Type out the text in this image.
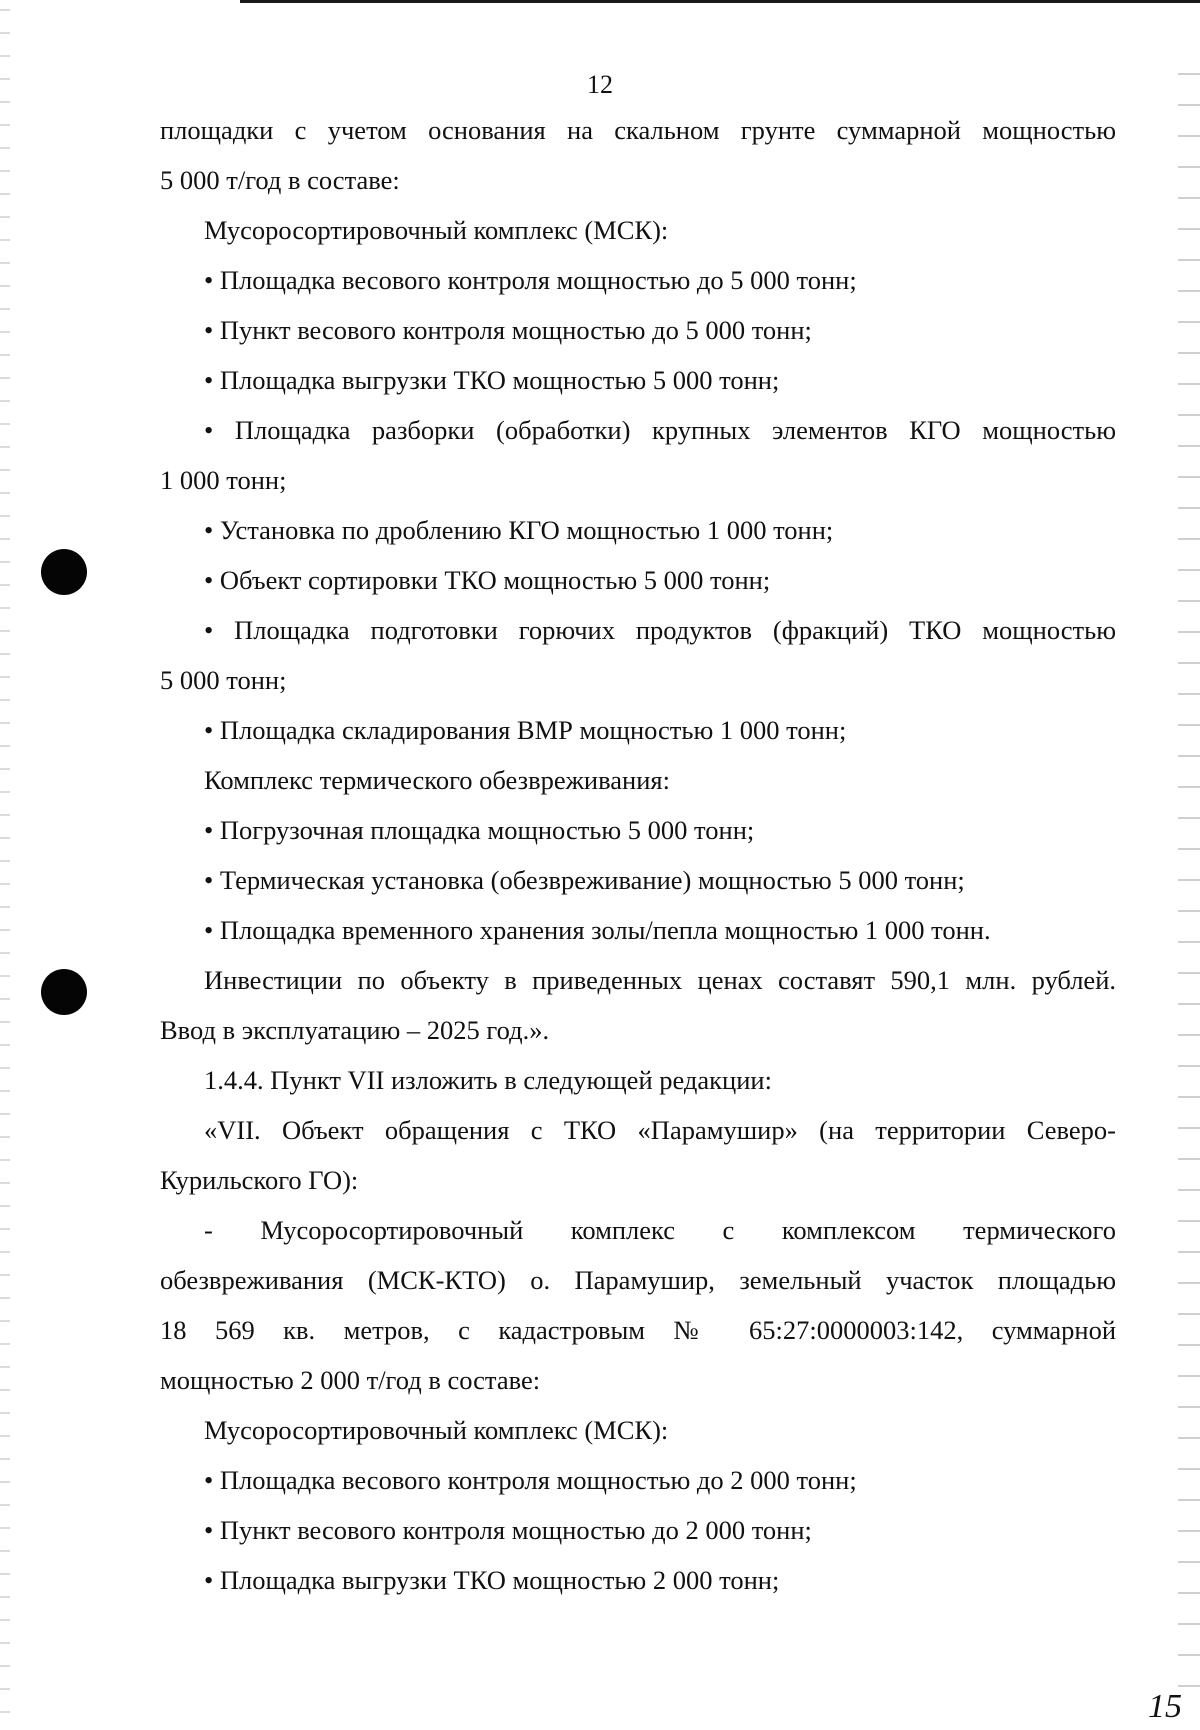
12

площадки с учетом основания на скальном грунте суммарной мощностью

5 000 т/год в составе:

Мусоросортировочный комплекс (МСК):

• Площадка весового контроля мощностью до 5 000 тонн;

• Пункт весового контроля мощностью до 5 000 тонн;

• Площадка выгрузки ТКО мощностью 5 000 тонн;

• Площадка разборки (обработки) крупных элементов КГО мощностью

1 000 тонн;

• Установка по дроблению КГО мощностью 1 000 тонн;

• Объект сортировки ТКО мощностью 5 000 тонн;

• Площадка подготовки горючих продуктов (фракций) ТКО мощностью

5 000 тонн;

• Площадка складирования ВМР мощностью 1 000 тонн;

Комплекс термического обезвреживания:

• Погрузочная площадка мощностью 5 000 тонн;

• Термическая установка (обезвреживание) мощностью 5 000 тонн;

• Площадка временного хранения золы/пепла мощностью 1 000 тонн.

Инвестиции по объекту в приведенных ценах составят 590,1 млн. рублей.

Ввод в эксплуатацию – 2025 год.».

1.4.4. Пункт VII изложить в следующей редакции:

«VII. Объект обращения с ТКО «Парамушир» (на территории Северо-

Курильского ГО):

- Мусоросортировочный комплекс с комплексом термического

обезвреживания (МСК-КТО) о. Парамушир, земельный участок площадью

18 569 кв. метров, с кадастровым № 65:27:0000003:142, суммарной

мощностью 2 000 т/год в составе:

Мусоросортировочный комплекс (МСК):

• Площадка весового контроля мощностью до 2 000 тонн;

• Пункт весового контроля мощностью до 2 000 тонн;

• Площадка выгрузки ТКО мощностью 2 000 тонн;

15
